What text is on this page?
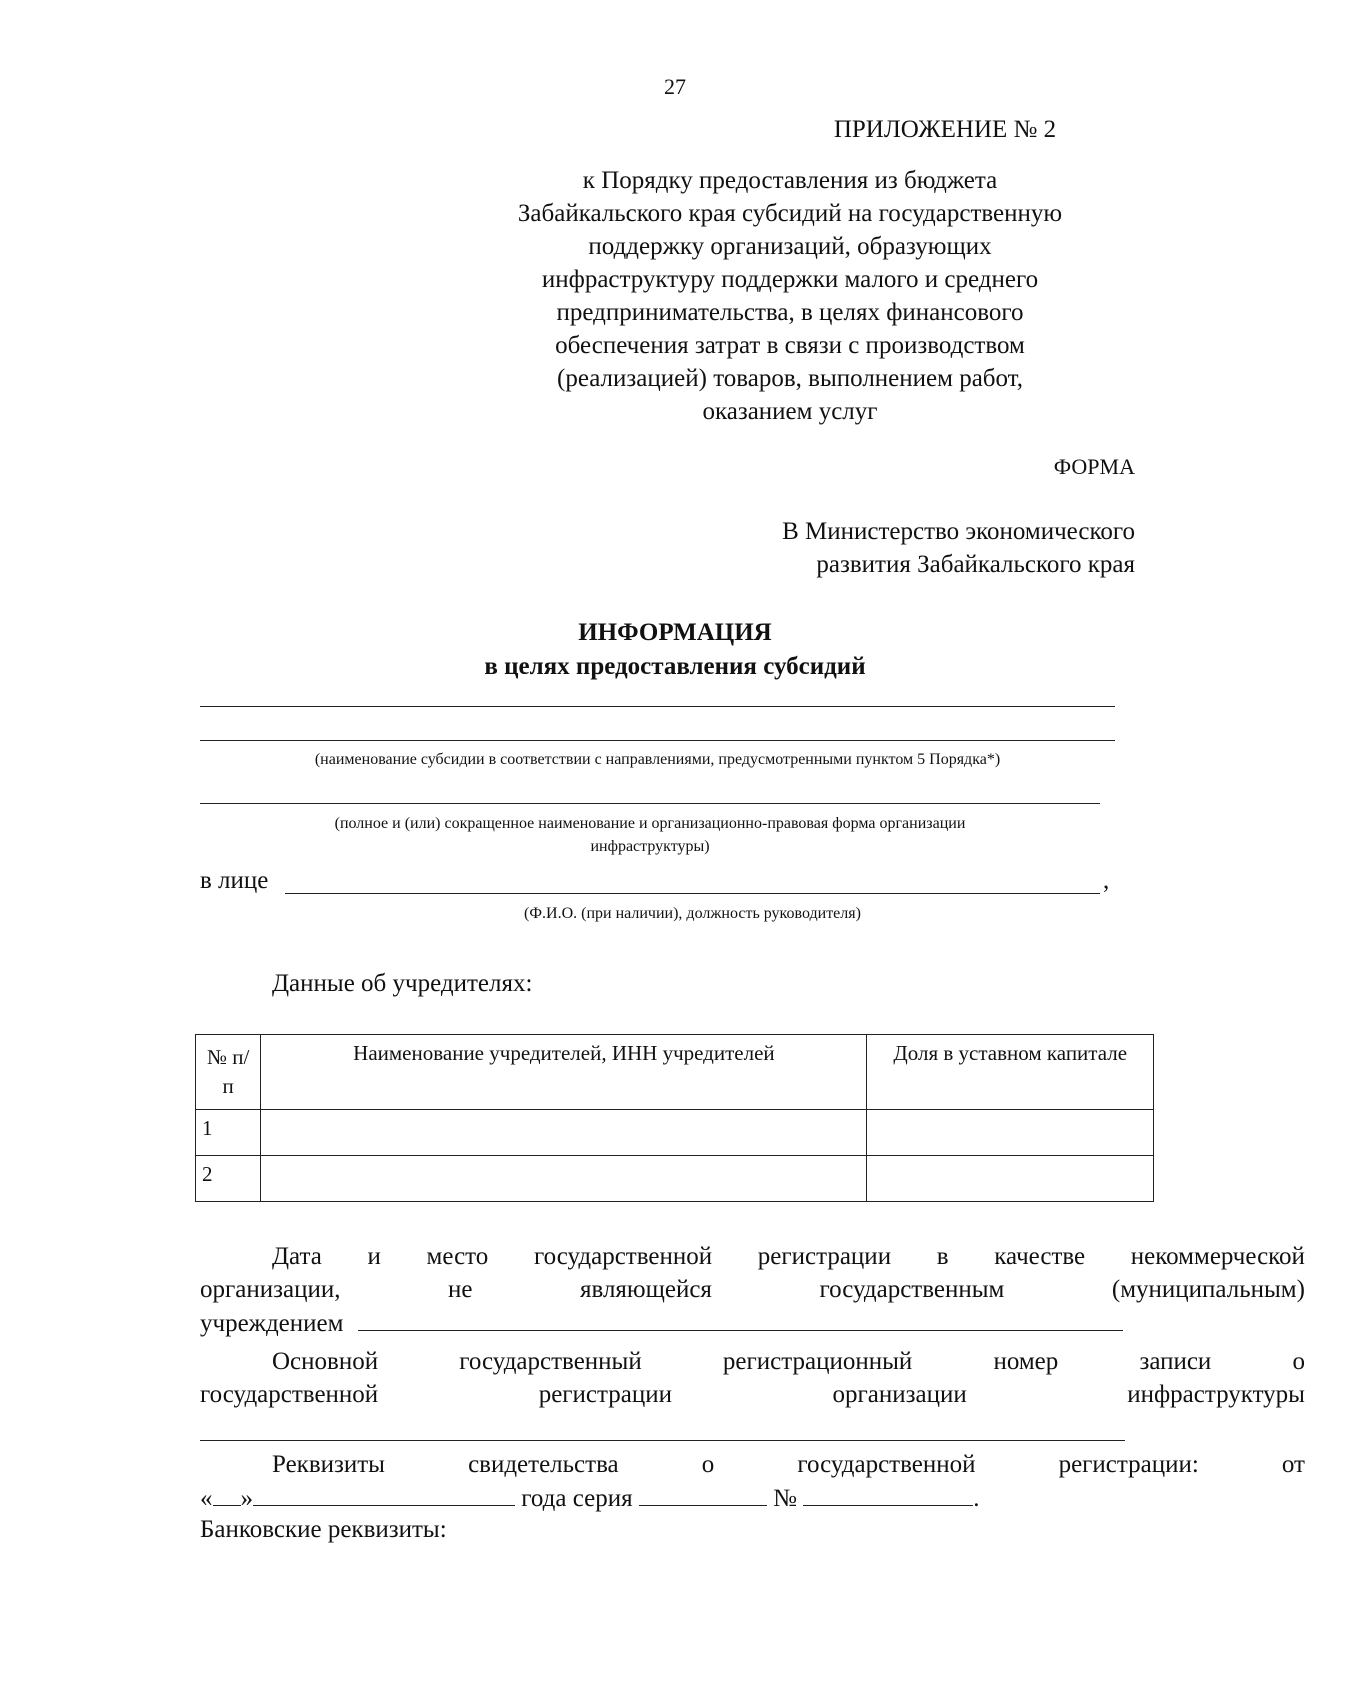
27
ПРИЛОЖЕНИЕ № 2
к Порядку предоставления из бюджета
Забайкальского края субсидий на государственную
поддержку организаций, образующих
инфраструктуру поддержки малого и среднего
предпринимательства, в целях финансового
обеспечения затрат в связи с производством
(реализацией) товаров, выполнением работ,
оказанием услуг
ФОРМА
В Министерство экономического
развития Забайкальского края
ИНФОРМАЦИЯ
в целях предоставления субсидий
(наименование субсидии в соответствии с направлениями, предусмотренными пунктом 5 Порядка*)
(полное и (или) сокращенное наименование и организационно-правовая форма организации
инфраструктуры)
в лице	,
(Ф.И.О. (при наличии), должность руководителя)
Данные об учредителях:
№ п/п	Наименование учредителей, ИНН учредителей	Доля в уставном капитале
1		
2		
Дата и место государственной регистрации в качестве некоммерческой
организации,	не	являющейся	государственным	(муниципальным)
учреждением
Основной	государственный	регистрационный	номер	записи	о
государственной	регистрации	организации	инфраструктуры
Реквизиты	свидетельства	о	государственной	регистрации:	от
« »	года серия	№	.
Банковские реквизиты:
